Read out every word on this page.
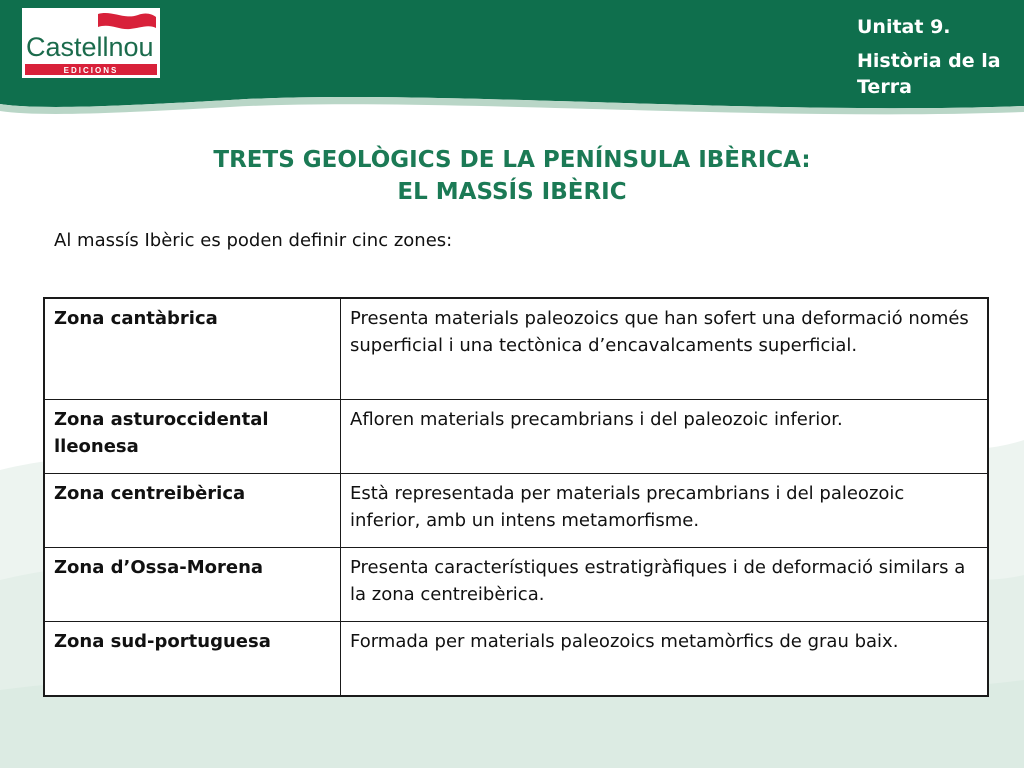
Castellnou
EDICIONS
Unitat 9.
Història de la Terra
TRETS GEOLÒGICS DE LA PENÍNSULA IBÈRICA:
EL MASSÍS IBÈRIC

Al massís Ibèric es poden definir cinc zones:

Zona cantàbrica	Presenta materials paleozoics que han sofert una deformació només superficial i una tectònica d’encavalcaments superficial.
Zona asturoccidental lleonesa	Afloren materials precambrians i del paleozoic inferior.
Zona centreibèrica	Està representada per materials precambrians i del paleozoic inferior, amb un intens metamorfisme.
Zona d’Ossa-Morena	Presenta característiques estratigràfiques i de deformació similars a la zona centreibèrica.
Zona sud-portuguesa	Formada per materials paleozoics metamòrfics de grau baix.
